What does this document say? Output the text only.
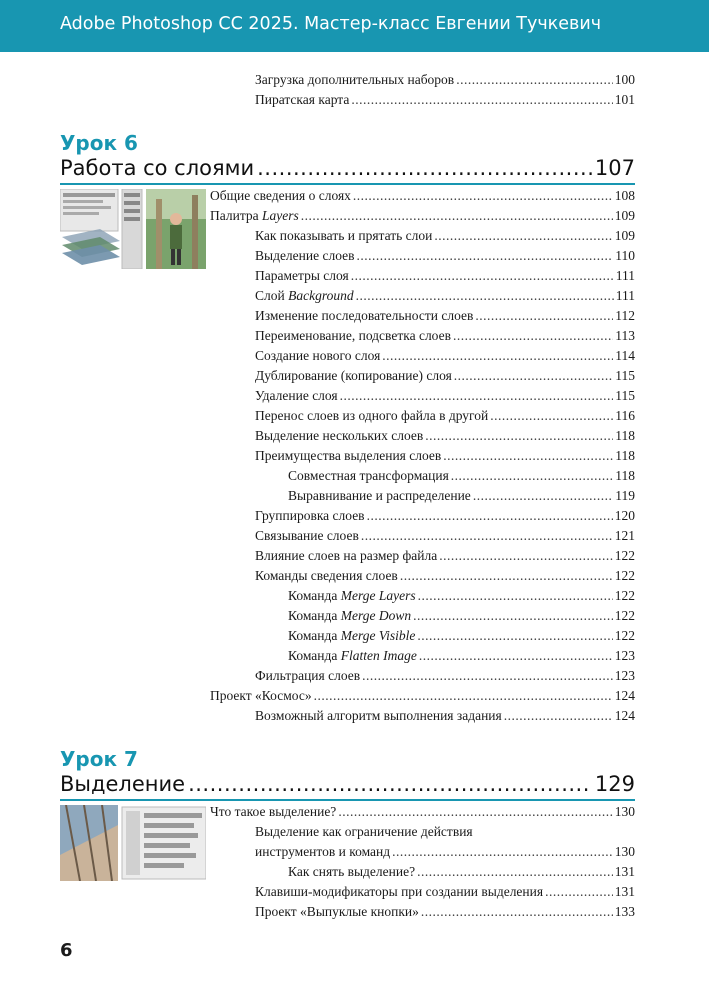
Adobe Photoshop CC 2025. Мастер-класс Евгении Тучкевич
Загрузка дополнительных наборов .....	100
Пиратская карта .....	101
Урок 6
Работа со слоями .....	107
Общие сведения о слоях .....	108
Палитра Layers .....	109
Как показывать и прятать слои .....	109
Выделение слоев .....	110
Параметры слоя .....	111
Слой Background .....	111
Изменение последовательности слоев .....	112
Переименование, подсветка слоев .....	113
Создание нового слоя .....	114
Дублирование (копирование) слоя .....	115
Удаление слоя .....	115
Перенос слоев из одного файла в другой .....	116
Выделение нескольких слоев .....	118
Преимущества выделения слоев .....	118
Совместная трансформация .....	118
Выравнивание и распределение .....	119
Группировка слоев .....	120
Связывание слоев .....	121
Влияние слоев на размер файла .....	122
Команды сведения слоев .....	122
Команда Merge Layers .....	122
Команда Merge Down .....	122
Команда Merge Visible .....	122
Команда Flatten Image .....	123
Фильтрация слоев .....	123
Проект «Космос» .....	124
Возможный алгоритм выполнения задания .....	124
Урок 7
Выделение .....	129
Что такое выделение? .....	130
Выделение как ограничение действия
инструментов и команд .....	130
Как снять выделение? .....	131
Клавиши-модификаторы при создании выделения .....	131
Проект «Выпуклые кнопки» .....	133
6
